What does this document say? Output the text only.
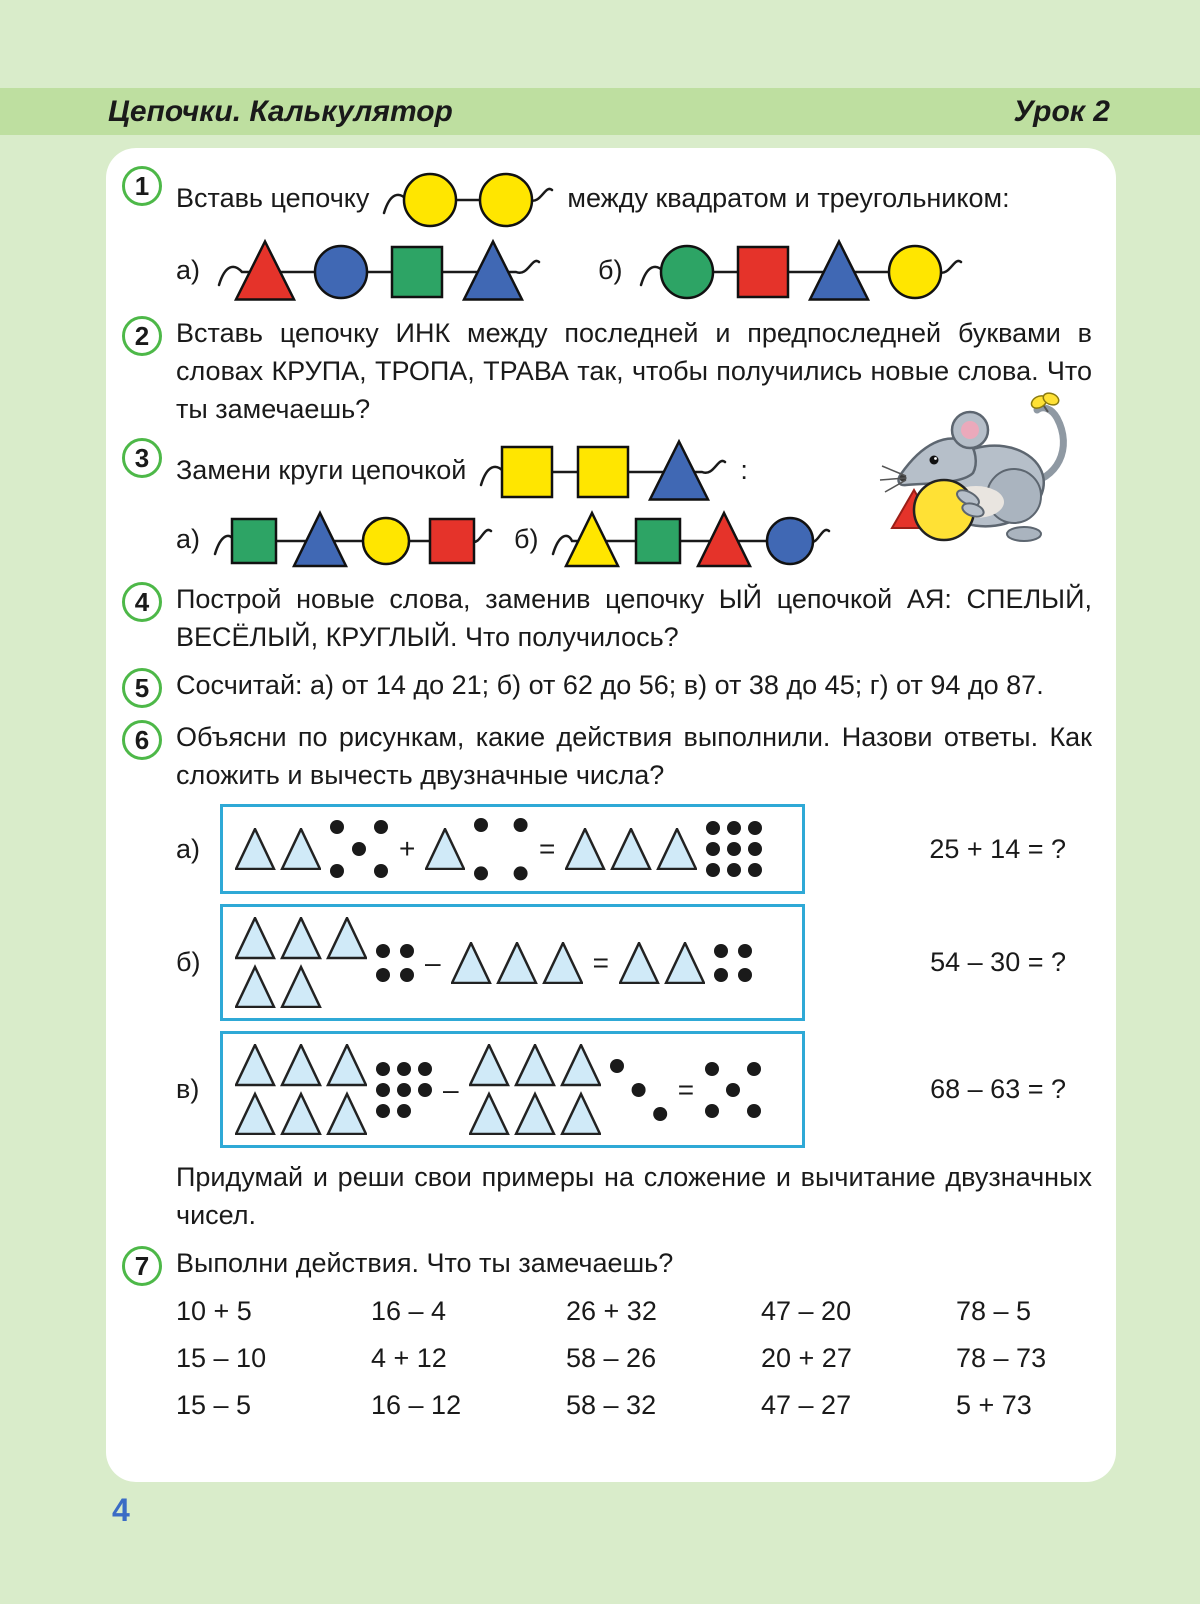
Цепочки. Калькулятор	Урок 2
1 Вставь цепочку	между квадратом и треугольником:
а)	б)
2 Вставь цепочку ИНК между последней и предпоследней буквами в словах КРУПА, ТРОПА, ТРАВА так, чтобы получились новые слова. Что ты замечаешь?
3 Замени круги цепочкой	:
а)	б)
4 Построй новые слова, заменив цепочку ЫЙ цепочкой АЯ: СПЕЛЫЙ, ВЕСЁЛЫЙ, КРУГЛЫЙ. Что получилось?
5 Сосчитай: а) от 14 до 21; б) от 62 до 56; в) от 38 до 45; г) от 94 до 87.
6 Объясни по рисункам, какие действия выполнили. Назови ответы. Как сложить и вычесть двузначные числа?
а)	+	=	25 + 14 = ?
б)	–	=	54 – 30 = ?
в)	–	=	68 – 63 = ?
Придумай и реши свои примеры на сложение и вычитание двузначных чисел.
7 Выполни действия. Что ты замечаешь?
10 + 5	16 – 4	26 + 32	47 – 20	78 – 5
15 – 10	4 + 12	58 – 26	20 + 27	78 – 73
15 – 5	16 – 12	58 – 32	47 – 27	5 + 73
4
